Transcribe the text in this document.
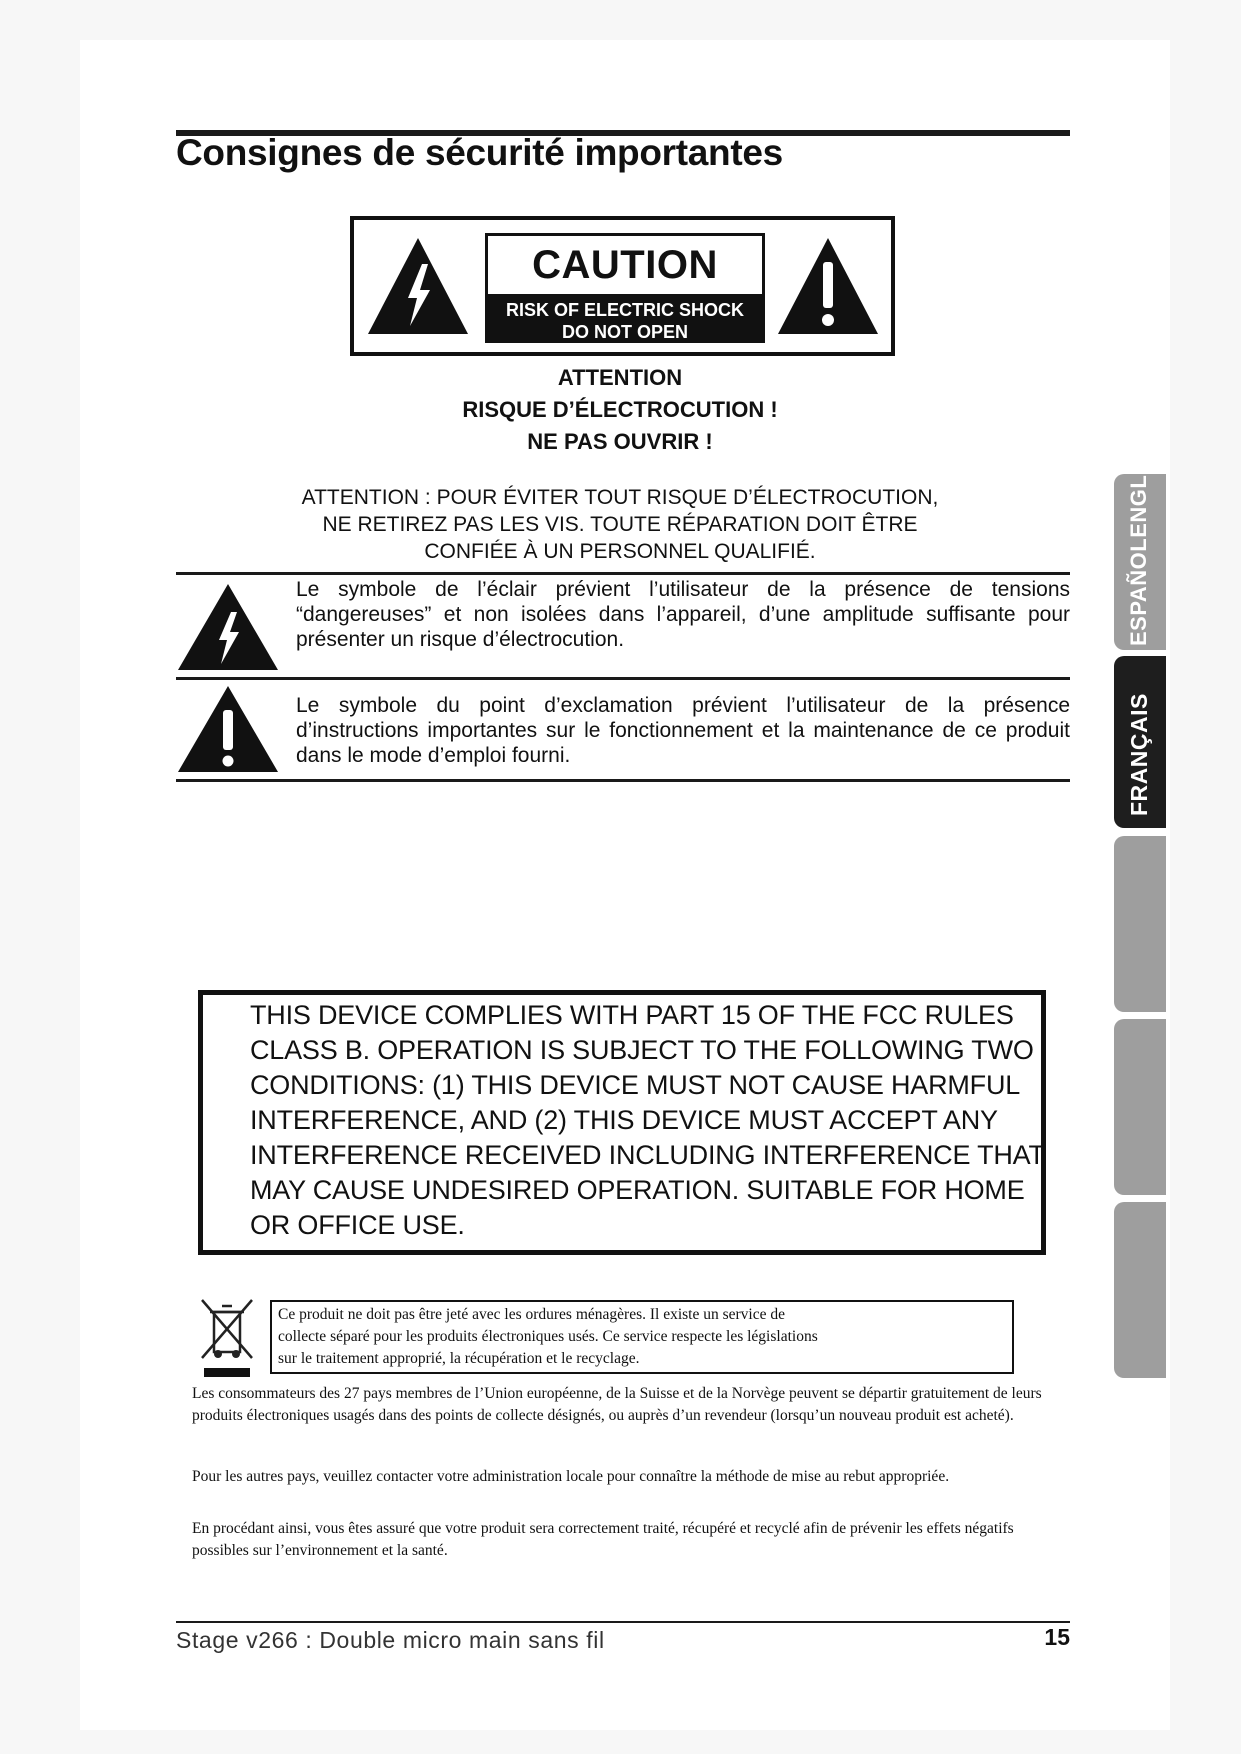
Consignes de sécurité importantes
CAUTION
RISK OF ELECTRIC SHOCK
DO NOT OPEN
ATTENTION
RISQUE D’ÉLECTROCUTION !
NE PAS OUVRIR !
ATTENTION : POUR ÉVITER TOUT RISQUE D’ÉLECTROCUTION,
NE RETIREZ PAS LES VIS. TOUTE RÉPARATION DOIT ÊTRE
CONFIÉE À UN PERSONNEL QUALIFIÉ.
Le symbole de l’éclair prévient l’utilisateur de la présence de tensions “dangereuses” et non isolées dans l’appareil, d’une amplitude suffisante pour présenter un risque d’électrocution.
Le symbole du point d’exclamation prévient l’utilisateur de la présence d’instructions importantes sur le fonctionnement et la maintenance de ce produit dans le mode d’emploi fourni.
ESPAÑOLENGLISHDEUTSCH
FRANÇAIS
THIS DEVICE COMPLIES WITH PART 15 OF THE FCC RULES
CLASS B. OPERATION IS SUBJECT TO THE FOLLOWING TWO
CONDITIONS: (1) THIS DEVICE MUST NOT CAUSE HARMFUL
INTERFERENCE, AND (2) THIS DEVICE MUST ACCEPT ANY
INTERFERENCE RECEIVED INCLUDING INTERFERENCE THAT
MAY CAUSE UNDESIRED OPERATION. SUITABLE FOR HOME
OR OFFICE USE.
Ce produit ne doit pas être jeté avec les ordures ménagères. Il existe un service de
collecte séparé pour les produits électroniques usés. Ce service respecte les législations
sur le traitement approprié, la récupération et le recyclage.
Les consommateurs des 27 pays membres de l’Union européenne, de la Suisse et de la Norvège peuvent se départir gratuitement de leurs produits électroniques usagés dans des points de collecte désignés, ou auprès d’un revendeur (lorsqu’un nouveau produit est acheté).
Pour les autres pays, veuillez contacter votre administration locale pour connaître la méthode de mise au rebut appropriée.
En procédant ainsi, vous êtes assuré que votre produit sera correctement traité, récupéré et recyclé afin de prévenir les effets négatifs possibles sur l’environnement et la santé.
Stage v266 : Double micro main sans fil	15
